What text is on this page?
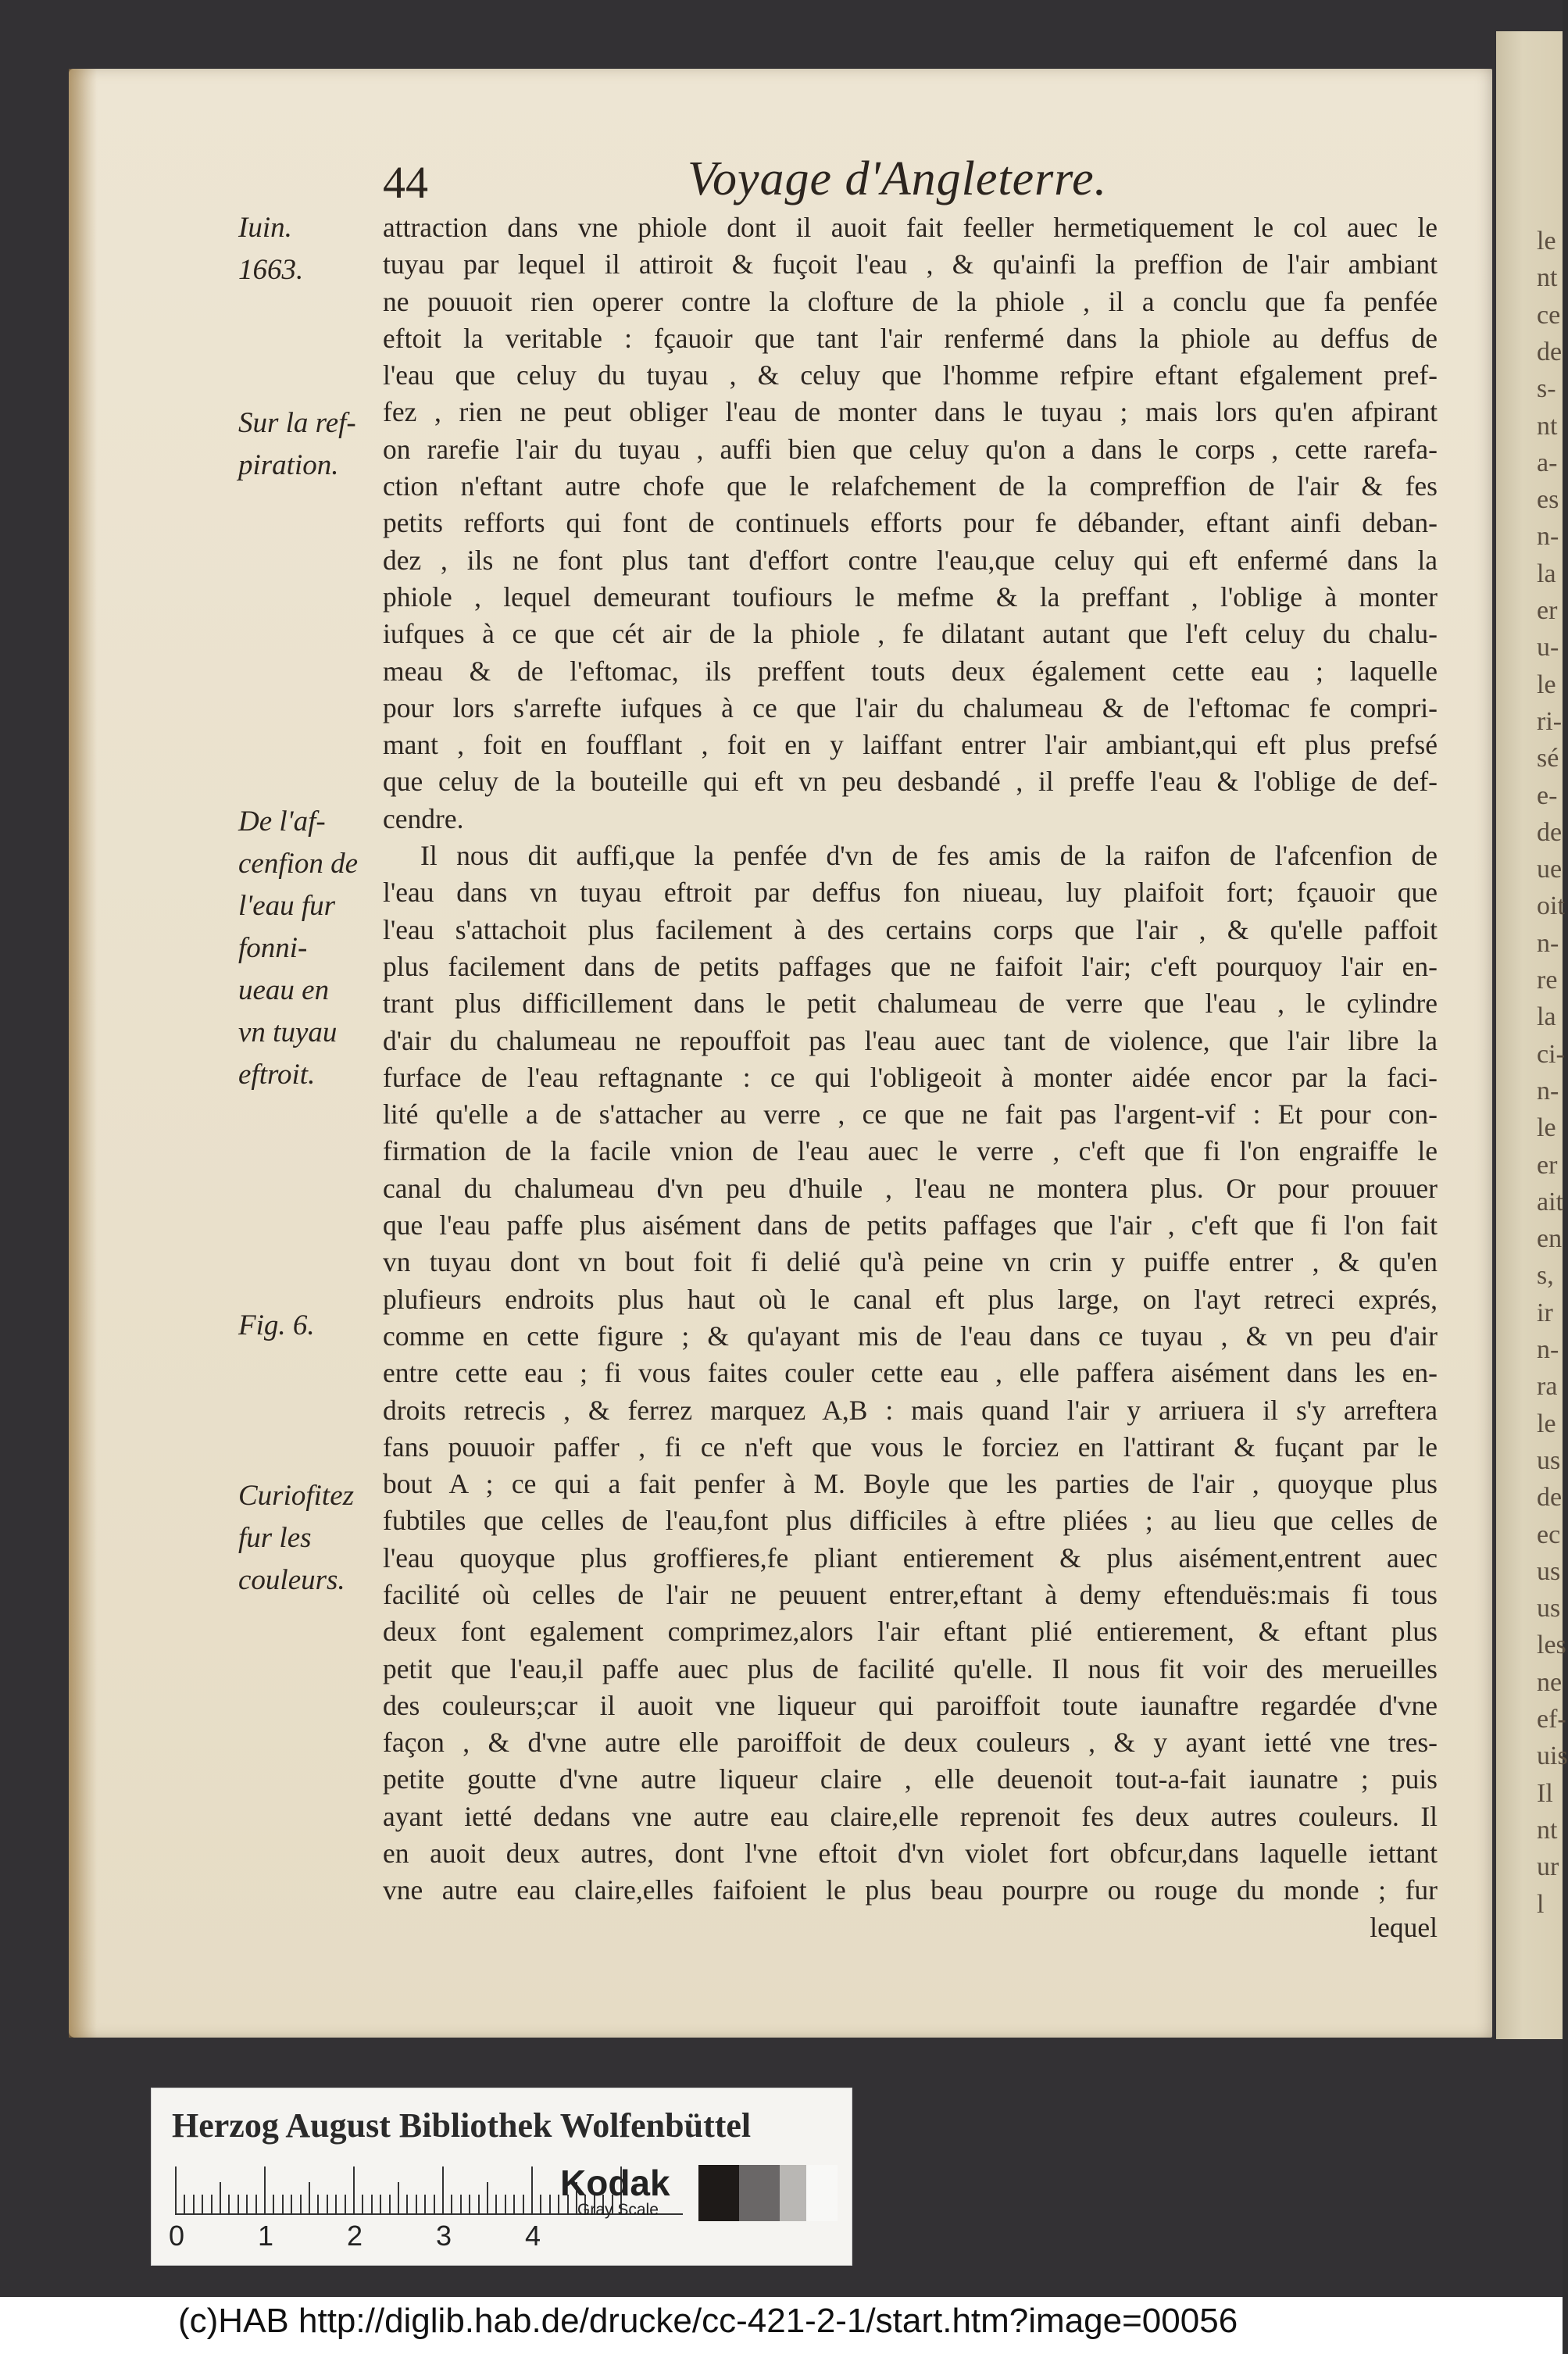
le
nt
ce
de
s-
nt
a-
es
n-
la
er
u-
le
ri-
sé
e-
de
ue
oit
n-
re
la
ci-
n-
le
er
ait
en
s,
ir
n-
ra
le
us
de
ec
us
us
les
ne
ef-
uis
Il
nt
ur
l
44	Voyage d'Angleterre.
Iuin.
1663.
Sur la ref-
piration.
De l'af-
cenfion de
l'eau fur
fonni-
ueau en
vn tuyau
eftroit.
Fig. 6.
Curiofitez
fur les
couleurs.
attraction dans vne phiole dont il auoit fait feeller hermetiquement le col auec le
tuyau par lequel il attiroit & fuçoit l'eau , & qu'ainfi la preffion de l'air ambiant
ne pouuoit rien operer contre la clofture de la phiole , il a conclu que fa penfée
eftoit la veritable : fçauoir que tant l'air renfermé dans la phiole au deffus de
l'eau que celuy du tuyau , & celuy que l'homme refpire eftant efgalement pref-
fez , rien ne peut obliger l'eau de monter dans le tuyau ; mais lors qu'en afpirant
on rarefie l'air du tuyau , auffi bien que celuy qu'on a dans le corps , cette rarefa-
ction n'eftant autre chofe que le relafchement de la compreffion de l'air & fes
petits refforts qui font de continuels efforts pour fe débander, eftant ainfi deban-
dez , ils ne font plus tant d'effort contre l'eau,que celuy qui eft enfermé dans la
phiole , lequel demeurant toufiours le mefme & la preffant , l'oblige à monter
iufques à ce que cét air de la phiole , fe dilatant autant que l'eft celuy du chalu-
meau & de l'eftomac, ils preffent touts deux également cette eau ; laquelle
pour lors s'arrefte iufques à ce que l'air du chalumeau & de l'eftomac fe compri-
mant , foit en foufflant , foit en y laiffant entrer l'air ambiant,qui eft plus prefsé
que celuy de la bouteille qui eft vn peu desbandé , il preffe l'eau & l'oblige de def-
cendre.
Il nous dit auffi,que la penfée d'vn de fes amis de la raifon de l'afcenfion de
l'eau dans vn tuyau eftroit par deffus fon niueau, luy plaifoit fort; fçauoir que
l'eau s'attachoit plus facilement à des certains corps que l'air , & qu'elle paffoit
plus facilement dans de petits paffages que ne faifoit l'air; c'eft pourquoy l'air en-
trant plus difficillement dans le petit chalumeau de verre que l'eau , le cylindre
d'air du chalumeau ne repouffoit pas l'eau auec tant de violence, que l'air libre la
furface de l'eau reftagnante : ce qui l'obligeoit à monter aidée encor par la faci-
lité qu'elle a de s'attacher au verre , ce que ne fait pas l'argent-vif : Et pour con-
firmation de la facile vnion de l'eau auec le verre , c'eft que fi l'on engraiffe le
canal du chalumeau d'vn peu d'huile , l'eau ne montera plus. Or pour prouuer
que l'eau paffe plus aisément dans de petits paffages que l'air , c'eft que fi l'on fait
vn tuyau dont vn bout foit fi delié qu'à peine vn crin y puiffe entrer , & qu'en
plufieurs endroits plus haut où le canal eft plus large, on l'ayt retreci exprés,
comme en cette figure ; & qu'ayant mis de l'eau dans ce tuyau , & vn peu d'air
entre cette eau ; fi vous faites couler cette eau , elle paffera aisément dans les en-
droits retrecis , & ferrez marquez A,B : mais quand l'air y arriuera il s'y arreftera
fans pouuoir paffer , fi ce n'eft que vous le forciez en l'attirant & fuçant par le
bout A ; ce qui a fait penfer à M. Boyle que les parties de l'air , quoyque plus
fubtiles que celles de l'eau,font plus difficiles à eftre pliées ; au lieu que celles de
l'eau quoyque plus groffieres,fe pliant entierement & plus aisément,entrent auec
facilité où celles de l'air ne peuuent entrer,eftant à demy eftenduës:mais fi tous
deux font egalement comprimez,alors l'air eftant plié entierement, & eftant plus
petit que l'eau,il paffe auec plus de facilité qu'elle. Il nous fit voir des merueilles
des couleurs;car il auoit vne liqueur qui paroiffoit toute iaunaftre regardée d'vne
façon , & d'vne autre elle paroiffoit de deux couleurs , & y ayant ietté vne tres-
petite goutte d'vne autre liqueur claire , elle deuenoit tout-a-fait iaunatre ; puis
ayant ietté dedans vne autre eau claire,elle reprenoit fes deux autres couleurs. Il
en auoit deux autres, dont l'vne eftoit d'vn violet fort obfcur,dans laquelle iettant
vne autre eau claire,elles faifoient le plus beau pourpre ou rouge du monde ; fur
lequel
Herzog August Bibliothek Wolfenbüttel
0	1	2	3	4
Kodak
Gray Scale
(c)HAB http://diglib.hab.de/drucke/cc-421-2-1/start.htm?image=00056
